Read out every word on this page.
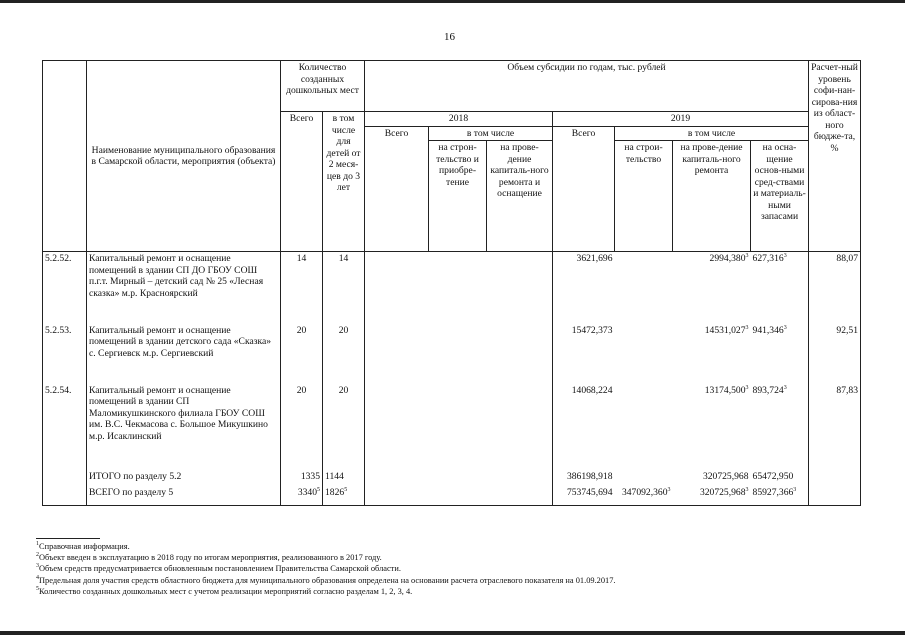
16
	Наименование муниципального образования в Самарской области, мероприятия (объекта)	Количество созданных дошкольных мест		Объем субсидии по годам, тыс. рублей							Расчет-ный уровень софи-нан-сирова-ния из област-ного бюдже-та, %
		Всего	в том числе для детей от 2 меся-цев до 3 лет	2018			2019				
				Всего	в том числе		Всего	в том числе			
					на строн-тельство и приобре-тение	на прове-дение капиталь-ного ремонта и оснащение		на строи-тельство	на прове-дение капиталь-ного ремонта	на осна-щение основ-ными сред-ствами и материаль-ными запасами	
5.2.52.	Капитальный ремонт и оснащение помещений в здании СП ДО ГБОУ СОШ п.г.т. Мирный – детский сад № 25 «Лесная сказка» м.р. Красноярский	14	14				3621,696		2994,380$^3$	627,316$^3$	88,07
5.2.53.	Капитальный ремонт и оснащение помещений в здании детского сада «Сказка» с. Сергиевск м.р. Сергиевский	20	20				15472,373		14531,027$^3$	941,346$^3$	92,51
5.2.54.	Капитальный ремонт и оснащение помещений в здании СП Маломикушкинского филиала ГБОУ СОШ им. В.С. Чекмасова с. Большое Микушкино м.р. Исаклинский	20	20				14068,224		13174,500$^3$	893,724$^3$	87,83
	ИТОГО по разделу 5.2	1335	1144				386198,918		320725,968	65472,950	
	ВСЕГО по разделу 5	3340$^5$	1826$^5$				753745,694	347092,360$^3$	320725,968$^3$	85927,366$^3$	
$^1$Справочная информация.
$^2$Объект введен в эксплуатацию в 2018 году по итогам мероприятия, реализованного в 2017 году.
$^3$Объем средств предусматривается обновленным постановлением Правительства Самарской области.
$^4$Предельная доля участия средств областного бюджета для муниципального образования определена на основании расчета отраслевого показателя на 01.09.2017.
$^5$Количество созданных дошкольных мест с учетом реализации мероприятий согласно разделам 1, 2, 3, 4.
